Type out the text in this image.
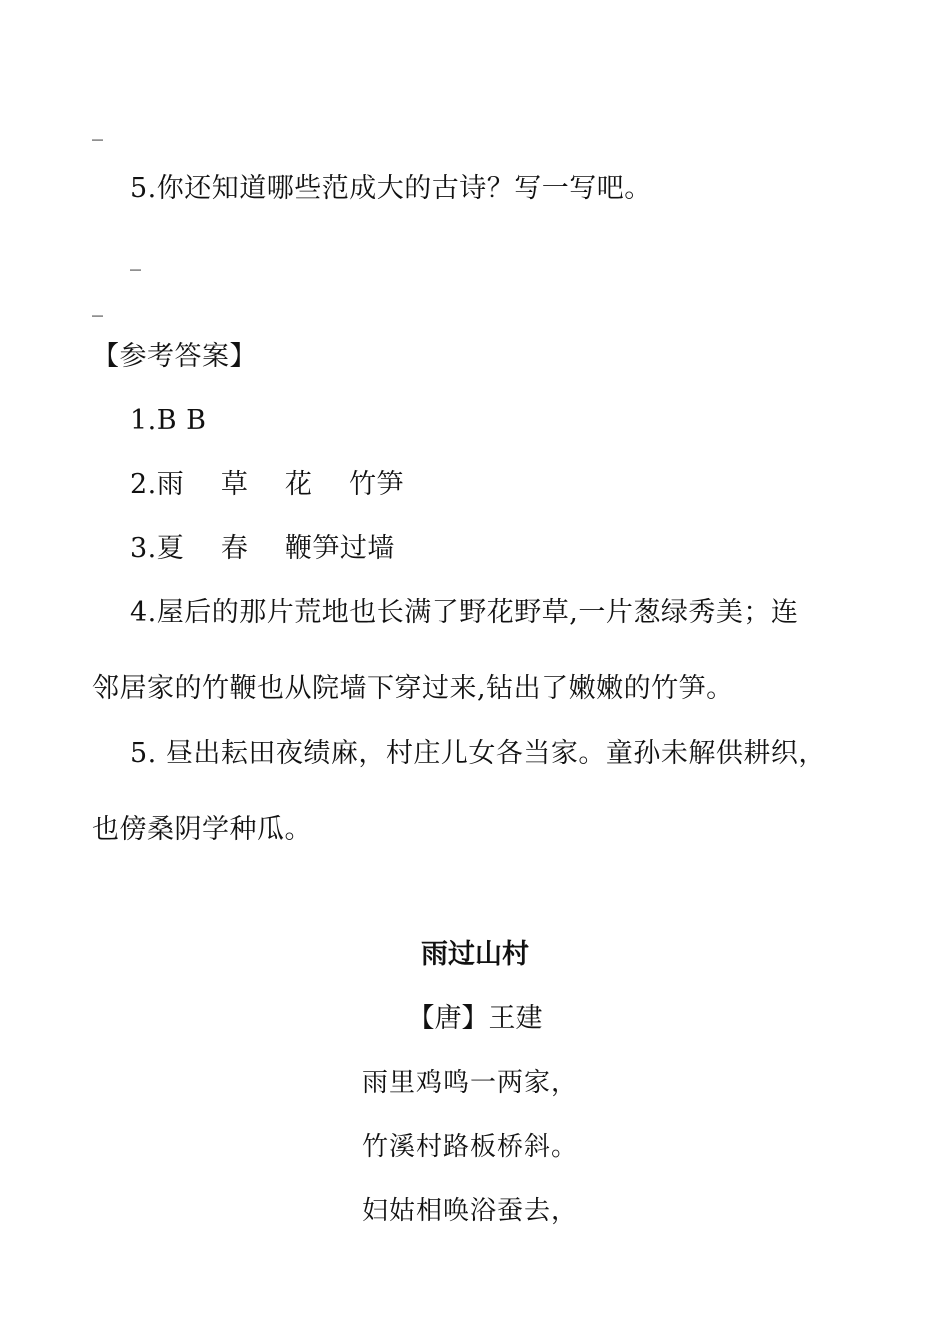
_
5.你还知道哪些范成大的古诗？写一写吧。
_
_
【参考答案】
1.B B
2.雨　 草　 花　 竹笋
3.夏　 春　 鞭笋过墙
4.屋后的那片荒地也长满了野花野草,一片葱绿秀美；连
邻居家的竹鞭也从院墙下穿过来,钻出了嫩嫩的竹笋。
5. 昼出耘田夜绩麻，村庄儿女各当家。童孙未解供耕织，
也傍桑阴学种瓜。
雨过山村
【唐】王建
雨里鸡鸣一两家，
竹溪村路板桥斜。
妇姑相唤浴蚕去，
